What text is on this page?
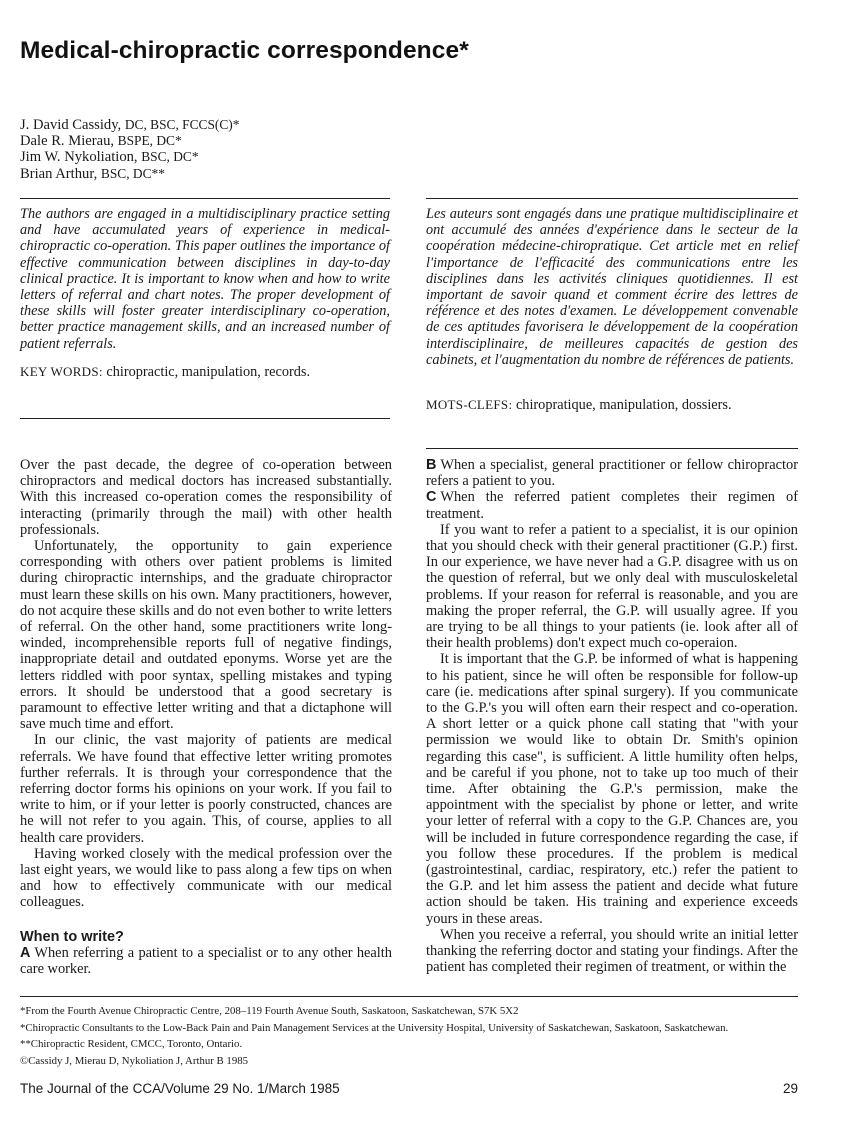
Medical-chiropractic correspondence*
J. David Cassidy, DC, BSC, FCCS(C)*
Dale R. Mierau, BSPE, DC*
Jim W. Nykoliation, BSC, DC*
Brian Arthur, BSC, DC**
The authors are engaged in a multidisciplinary practice setting and have accumulated years of experience in medical-chiropractic co-operation. This paper outlines the importance of effective communication between disciplines in day-to-day clinical practice. It is important to know when and how to write letters of referral and chart notes. The proper development of these skills will foster greater interdisciplinary co-operation, better practice management skills, and an increased number of patient referrals.
KEY WORDS: chiropractic, manipulation, records.
Les auteurs sont engagés dans une pratique multidisciplinaire et ont accumulé des années d'expérience dans le secteur de la coopération médecine-chiropratique. Cet article met en relief l'importance de l'efficacité des communications entre les disciplines dans les activités cliniques quotidiennes. Il est important de savoir quand et comment écrire des lettres de référence et des notes d'examen. Le développement convenable de ces aptitudes favorisera le développement de la coopération interdisciplinaire, de meilleures capacités de gestion des cabinets, et l'augmentation du nombre de références de patients.
MOTS-CLEFS: chiropratique, manipulation, dossiers.

Over the past decade, the degree of co-operation between chiropractors and medical doctors has increased substantially. With this increased co-operation comes the responsibility of interacting (primarily through the mail) with other health professionals.

Unfortunately, the opportunity to gain experience corresponding with others over patient problems is limited during chiropractic internships, and the graduate chiropractor must learn these skills on his own. Many practitioners, however, do not acquire these skills and do not even bother to write letters of referral. On the other hand, some practitioners write long-winded, incomprehensible reports full of negative findings, inappropriate detail and outdated eponyms. Worse yet are the letters riddled with poor syntax, spelling mistakes and typing errors. It should be understood that a good secretary is paramount to effective letter writing and that a dictaphone will save much time and effort.

In our clinic, the vast majority of patients are medical referrals. We have found that effective letter writing promotes further referrals. It is through your correspondence that the referring doctor forms his opinions on your work. If you fail to write to him, or if your letter is poorly constructed, chances are he will not refer to you again. This, of course, applies to all health care providers.

Having worked closely with the medical profession over the last eight years, we would like to pass along a few tips on when and how to effectively communicate with our medical colleagues.

When to write?

A When referring a patient to a specialist or to any other health care worker.

B When a specialist, general practitioner or fellow chiropractor refers a patient to you.

C When the referred patient completes their regimen of treatment.

If you want to refer a patient to a specialist, it is our opinion that you should check with their general practitioner (G.P.) first. In our experience, we have never had a G.P. disagree with us on the question of referral, but we only deal with musculoskeletal problems. If your reason for referral is reasonable, and you are making the proper referral, the G.P. will usually agree. If you are trying to be all things to your patients (ie. look after all of their health problems) don't expect much co-operaion.

It is important that the G.P. be informed of what is happening to his patient, since he will often be responsible for follow-up care (ie. medications after spinal surgery). If you communicate to the G.P.'s you will often earn their respect and co-operation. A short letter or a quick phone call stating that "with your permission we would like to obtain Dr. Smith's opinion regarding this case", is sufficient. A little humility often helps, and be careful if you phone, not to take up too much of their time. After obtaining the G.P.'s permission, make the appointment with the specialist by phone or letter, and write your letter of referral with a copy to the G.P. Chances are, you will be included in future correspondence regarding the case, if you follow these procedures. If the problem is medical (gastrointestinal, cardiac, respiratory, etc.) refer the patient to the G.P. and let him assess the patient and decide what future action should be taken. His training and experience exceeds yours in these areas.

When you receive a referral, you should write an initial letter thanking the referring doctor and stating your findings. After the patient has completed their regimen of treatment, or within the

*From the Fourth Avenue Chiropractic Centre, 208–119 Fourth Avenue South, Saskatoon, Saskatchewan, S7K 5X2
*Chiropractic Consultants to the Low-Back Pain and Pain Management Services at the University Hospital, University of Saskatchewan, Saskatoon, Saskatchewan.
**Chiropractic Resident, CMCC, Toronto, Ontario.
©Cassidy J, Mierau D, Nykoliation J, Arthur B 1985
The Journal of the CCA/Volume 29 No. 1/March 1985	29
